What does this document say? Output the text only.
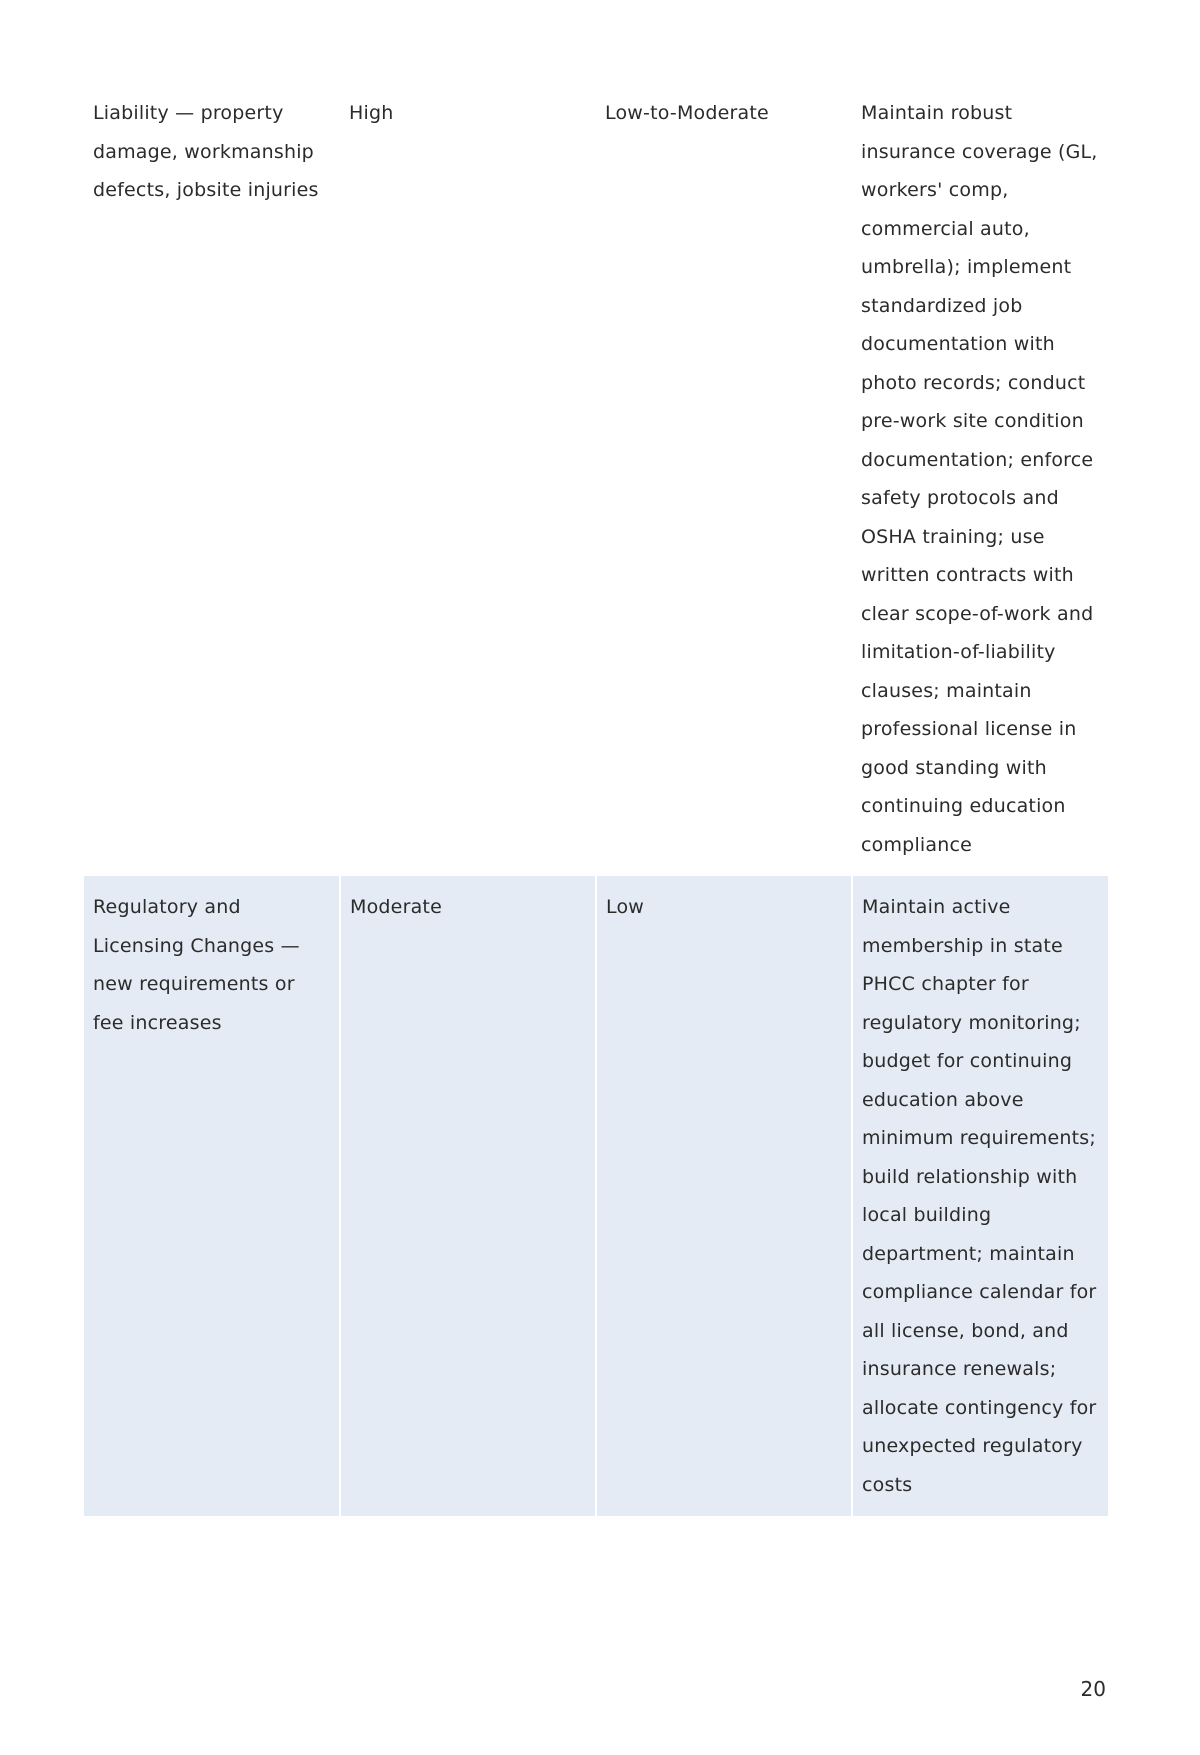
Liability — property damage, workmanship defects, jobsite injuries	High	Low-to-Moderate	Maintain robust insurance coverage (GL, workers' comp, commercial auto, umbrella); implement standardized job documentation with photo records; conduct pre-work site condition documentation; enforce safety protocols and OSHA training; use written contracts with clear scope-of-work and limitation-of-liability clauses; maintain professional license in good standing with continuing education compliance
Regulatory and Licensing Changes — new requirements or fee increases	Moderate	Low	Maintain active membership in state PHCC chapter for regulatory monitoring; budget for continuing education above minimum requirements; build relationship with local building department; maintain compliance calendar for all license, bond, and insurance renewals; allocate contingency for unexpected regulatory costs
20
